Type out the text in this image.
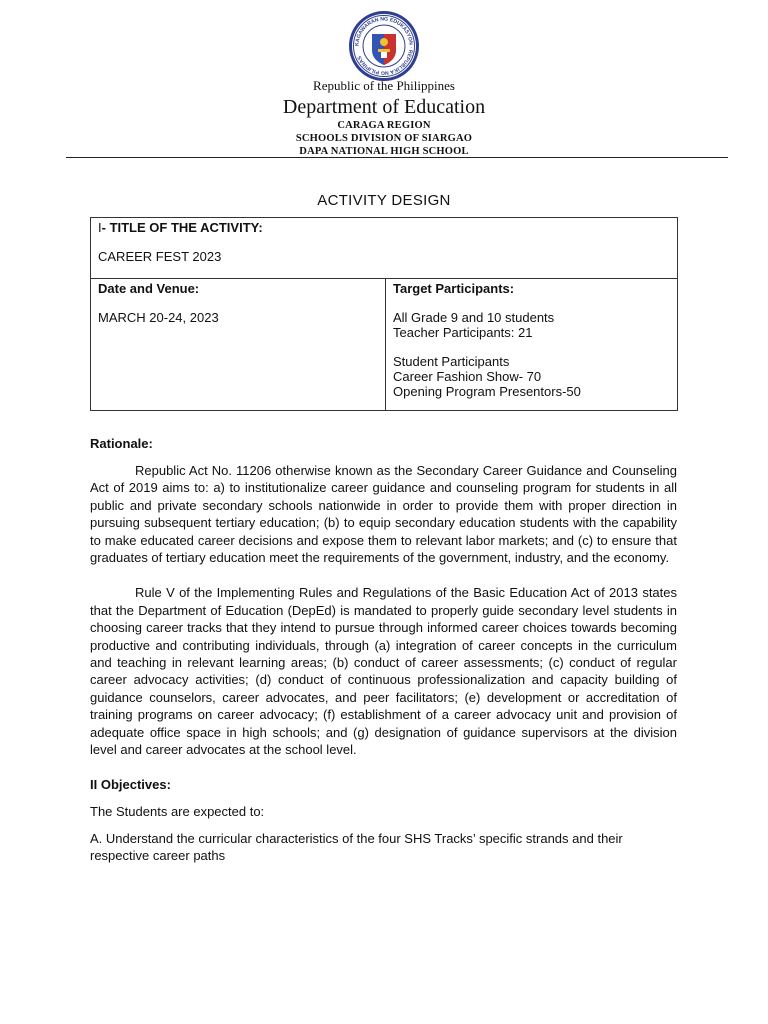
KAGAWARAN NG EDUKASYON · REPUBLIKA NG PILIPINAS
Republic of the Philippines
Department of Education
CARAGA REGION
SCHOOLS DIVISION OF SIARGAO
DAPA NATIONAL HIGH SCHOOL
ACTIVITY DESIGN
I- TITLE OF THE ACTIVITY:
CAREER FEST 2023

Date and Venue:
MARCH 20-24, 2023

Target Participants:
All Grade 9 and 10 students
Teacher Participants: 21
Student Participants
Career Fashion Show- 70
Opening Program Presentors-50
Rationale:

Republic Act No. 11206 otherwise known as the Secondary Career Guidance and Counseling Act of 2019 aims to: a) to institutionalize career guidance and counseling program for students in all public and private secondary schools nationwide in order to provide them with proper direction in pursuing subsequent tertiary education; (b) to equip secondary education students with the capability to make educated career decisions and expose them to relevant labor markets; and (c) to ensure that graduates of tertiary education meet the requirements of the government, industry, and the economy.

Rule V of the Implementing Rules and Regulations of the Basic Education Act of 2013 states that the Department of Education (DepEd) is mandated to properly guide secondary level students in choosing career tracks that they intend to pursue through informed career choices towards becoming productive and contributing individuals, through (a) integration of career concepts in the curriculum and teaching in relevant learning areas; (b) conduct of career assessments; (c) conduct of regular career advocacy activities; (d) conduct of continuous professionalization and capacity building of guidance counselors, career advocates, and peer facilitators; (e) development or accreditation of training programs on career advocacy; (f) establishment of a career advocacy unit and provision of adequate office space in high schools; and (g) designation of guidance supervisors at the division level and career advocates at the school level.

II Objectives:

The Students are expected to:

A. Understand the curricular characteristics of the four SHS Tracks’ specific strands and their respective career paths
